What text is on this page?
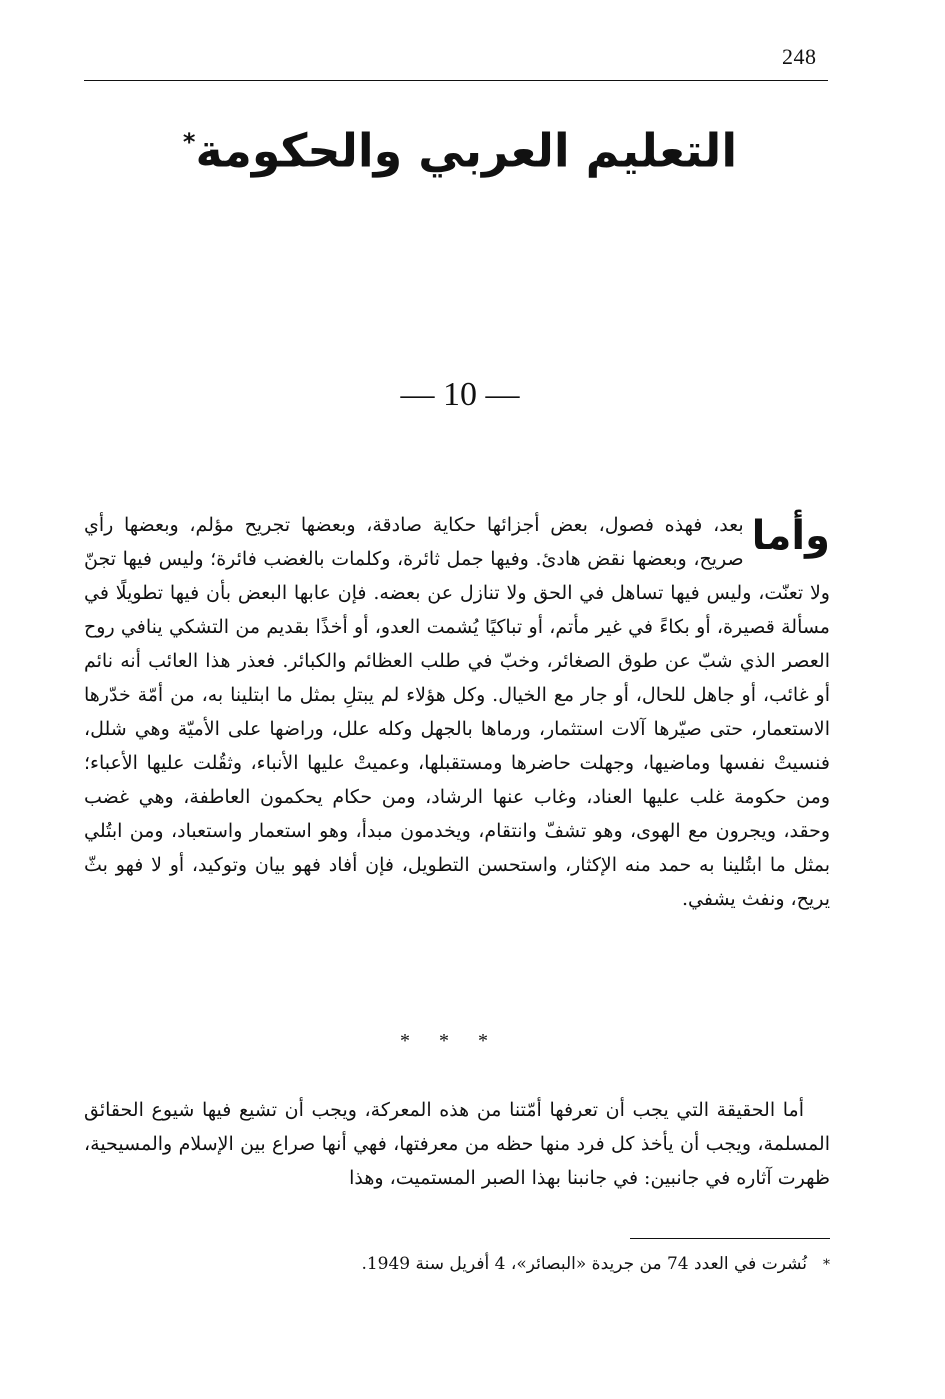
248
التعليم العربي والحكومة*
— 10 —

وأما
بعد، فهذه فصول، بعض أجزائها حكاية صادقة، وبعضها تجريح مؤلم، وبعضها رأي صريح، وبعضها نقض هادئ. وفيها جمل ثائرة، وكلمات بالغضب فائرة؛ وليس فيها تجنّ ولا تعنّت، وليس فيها تساهل في الحق ولا تنازل عن بعضه. فإن عابها البعض بأن فيها تطويلًا في مسألة قصيرة، أو بكاءً في غير مأتم، أو تباكيًا يُشمت العدو، أو أخذًا بقديم من التشكي ينافي روح العصر الذي شبّ عن طوق الصغائر، وخبّ في طلب العظائم والكبائر. فعذر هذا العائب أنه نائم أو غائب، أو جاهل للحال، أو جار مع الخيال. وكل هؤلاء لم يبتلِ بمثل ما ابتلينا به، من أمّة خدّرها الاستعمار، حتى صيّرها آلات استثمار، ورماها بالجهل وكله علل، وراضها على الأميّة وهي شلل، فنسيتْ نفسها وماضيها، وجهلت حاضرها ومستقبلها، وعميتْ عليها الأنباء، وثقُلت عليها الأعباء؛ ومن حكومة غلب عليها العناد، وغاب عنها الرشاد، ومن حكام يحكمون العاطفة، وهي غضب وحقد، ويجرون مع الهوى، وهو تشفّ وانتقام، ويخدمون مبدأ، وهو استعمار واستعباد، ومن ابتُلي بمثل ما ابتُلينا به حمد منه الإكثار، واستحسن التطويل، فإن أفاد فهو بيان وتوكيد، أو لا فهو بثّ يريح، ونفث يشفي.

* * *

أما الحقيقة التي يجب أن تعرفها أمّتنا من هذه المعركة، ويجب أن تشيع فيها شيوع الحقائق المسلمة، ويجب أن يأخذ كل فرد منها حظه من معرفتها، فهي أنها صراع بين الإسلام والمسيحية، ظهرت آثاره في جانبين: في جانبنا بهذا الصبر المستميت، وهذا

*نُشرت في العدد 74 من جريدة «البصائر»، 4 أفريل سنة 1949.
